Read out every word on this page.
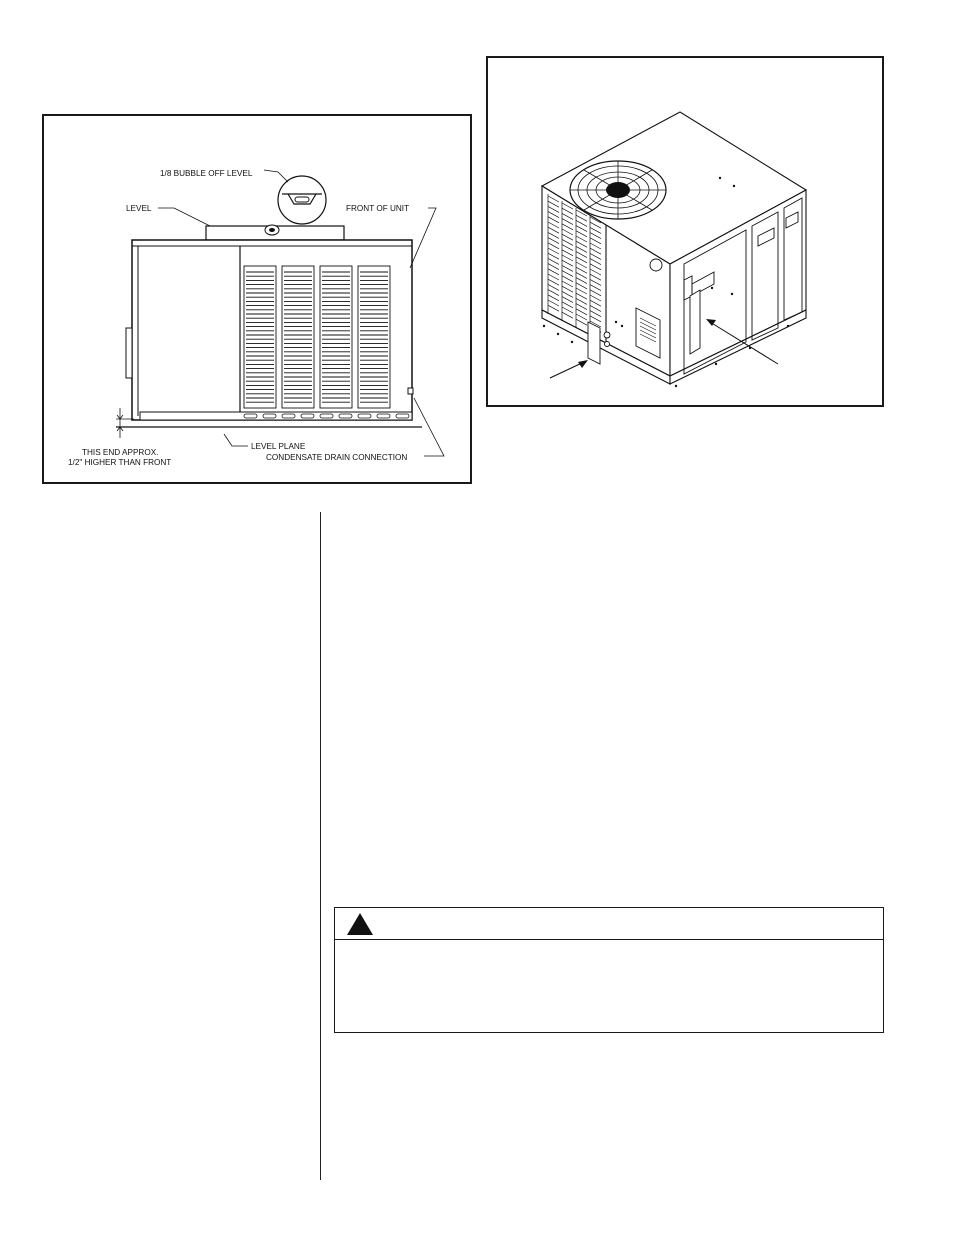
1/8 BUBBLE OFF LEVEL
LEVEL	FRONT OF UNIT
LEVEL PLANE
CONDENSATE DRAIN CONNECTION
THIS END APPROX.
1/2" HIGHER THAN FRONT
